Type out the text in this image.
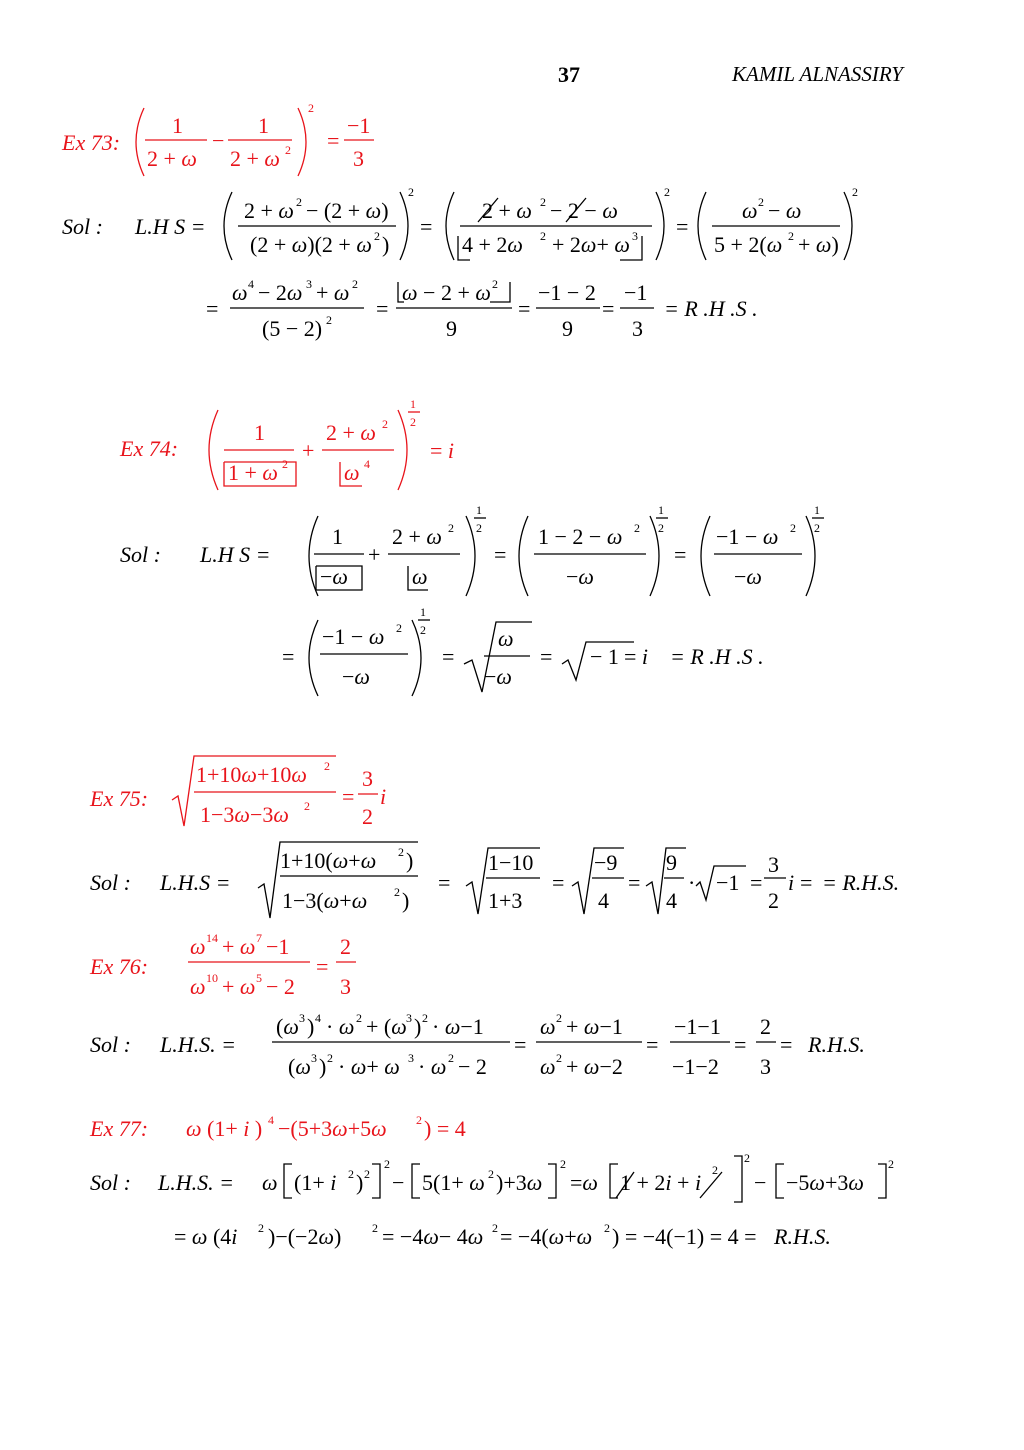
37	KAMIL ALNASSIRY
Ex 73:
1
2 + ω
−
1
2 + ω 2
2
=
−1
3
Sol : L.H S =
2 + ω 2 − (2 + ω)
(2 + ω)(2 + ω 2 )
2
=
2 + ω 2 − 2 − ω
4 + 2ω 2 + 2ω+ ω 3
2
=
ω 2 − ω
5 + 2(ω 2 + ω)
2
=
ω 4 − 2ω 3 + ω 2
(5 − 2) 2 =
ω − 2 + ω 2
9
=
−1 − 2
9
=
−1
3
= R .H .S .
Ex 74:
1
1 + ω 2
+
2 + ω 2
ω 4
1
2
= i
Sol : L.H S =
1
−ω
+
2 + ω 2
ω
1
2
=
1 − 2 − ω 2
−ω
1
2
=
−1 − ω 2
−ω
1
2
=
−1 − ω 2
−ω
1
2
=
ω
−ω
= − 1 = i = R .H .S .
Ex 75:
1+10ω+10ω 2
1−3ω−3ω 2 =
3
2
i
Sol : L.H.S =
1+10(ω+ω 2 )
1−3(ω+ω 2 )
=
1−10
1+3
=
−9
4
=
9
4
· −1 =
3
2
i = = R.H.S.
Ex 76:
ω 14 + ω 7 −1
ω 10 + ω 5 − 2
=
2
3
Sol : L.H.S. =
(ω 3 ) 4 · ω 2 + (ω 3 ) 2 · ω−1
(ω 3 ) 2 · ω+ ω 3 · ω 2 − 2
=
ω 2 + ω−1
ω 2 + ω−2
=
−1−1
−1−2
=
2
3
= R.H.S.
Ex 77: ω (1+ i ) 4 −(5+3ω+5ω 2 ) = 4
Sol : L.H.S. = ω (1+ i 2 ) 2
2
− 5(1+ ω 2 )+3ω
2
=ω 1 + 2i + i 2
2
− −5ω+3ω
2
= ω (4i 2 )−(−2ω)	2 = −4ω− 4ω 2 = −4(ω+ω 2 ) = −4(−1) = 4 = R.H.S.
